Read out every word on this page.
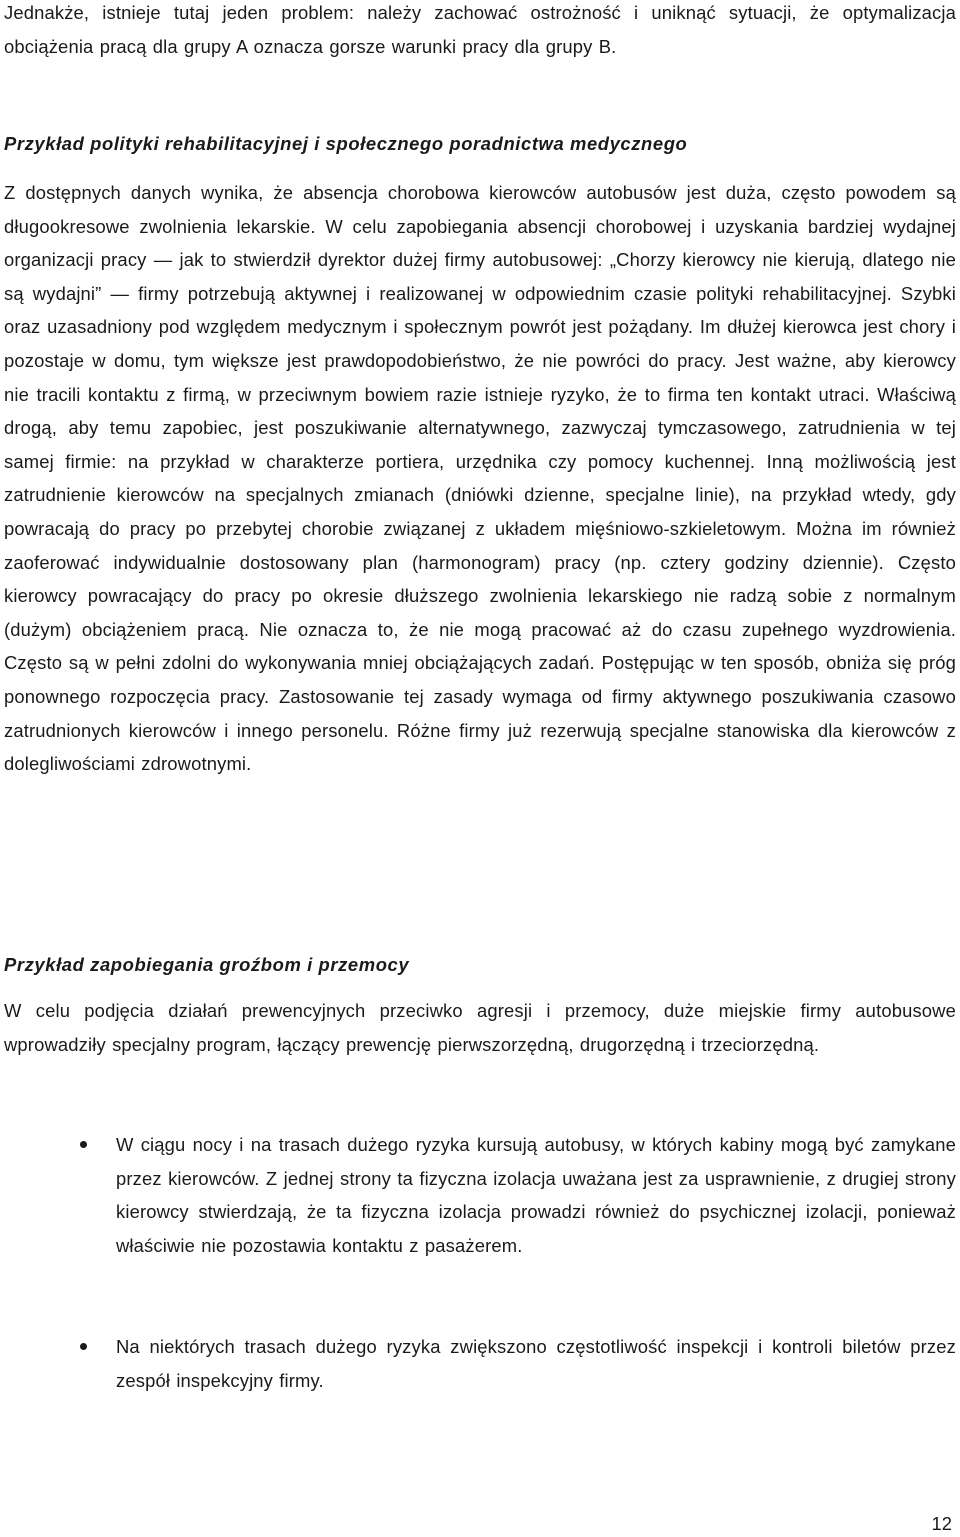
Jednakże, istnieje tutaj jeden problem: należy zachować ostrożność i uniknąć sytuacji, że optymalizacja obciążenia pracą dla grupy A oznacza gorsze warunki pracy dla grupy B.

Przykład polityki rehabilitacyjnej i społecznego poradnictwa medycznego

Z dostępnych danych wynika, że absencja chorobowa kierowców autobusów jest duża, często powodem są długookresowe zwolnienia lekarskie. W celu zapobiegania absencji chorobowej i uzyskania bardziej wydajnej organizacji pracy — jak to stwierdził dyrektor dużej firmy autobusowej: „Chorzy kierowcy nie kierują, dlatego nie są wydajni” — firmy potrzebują aktywnej i realizowanej w odpowiednim czasie polityki rehabilitacyjnej. Szybki oraz uzasadniony pod względem medycznym i społecznym powrót jest pożądany. Im dłużej kierowca jest chory i pozostaje w domu, tym większe jest prawdopodobieństwo, że nie powróci do pracy. Jest ważne, aby kierowcy nie tracili kontaktu z firmą, w przeciwnym bowiem razie istnieje ryzyko, że to firma ten kontakt utraci. Właściwą drogą, aby temu zapobiec, jest poszukiwanie alternatywnego, zazwyczaj tymczasowego, zatrudnienia w tej samej firmie: na przykład w charakterze portiera, urzędnika czy pomocy kuchennej. Inną możliwością jest zatrudnienie kierowców na specjalnych zmianach (dniówki dzienne, specjalne linie), na przykład wtedy, gdy powracają do pracy po przebytej chorobie związanej z układem mięśniowo-szkieletowym. Można im również zaoferować indywidualnie dostosowany plan (harmonogram) pracy (np. cztery godziny dziennie). Często kierowcy powracający do pracy po okresie dłuższego zwolnienia lekarskiego nie radzą sobie z normalnym (dużym) obciążeniem pracą. Nie oznacza to, że nie mogą pracować aż do czasu zupełnego wyzdrowienia. Często są w pełni zdolni do wykonywania mniej obciążających zadań. Postępując w ten sposób, obniża się próg ponownego rozpoczęcia pracy. Zastosowanie tej zasady wymaga od firmy aktywnego poszukiwania czasowo zatrudnionych kierowców i innego personelu. Różne firmy już rezerwują specjalne stanowiska dla kierowców z dolegliwościami zdrowotnymi.

Przykład zapobiegania groźbom i przemocy

W celu podjęcia działań prewencyjnych przeciwko agresji i przemocy, duże miejskie firmy autobusowe wprowadziły specjalny program, łączący prewencję pierwszorzędną, drugorzędną i trzeciorzędną.

W ciągu nocy i na trasach dużego ryzyka kursują autobusy, w których kabiny mogą być zamykane przez kierowców. Z jednej strony ta fizyczna izolacja uważana jest za usprawnienie, z drugiej strony kierowcy stwierdzają, że ta fizyczna izolacja prowadzi również do psychicznej izolacji, ponieważ właściwie nie pozostawia kontaktu z pasażerem.

Na niektórych trasach dużego ryzyka zwiększono częstotliwość inspekcji i kontroli biletów przez zespół inspekcyjny firmy.

12
